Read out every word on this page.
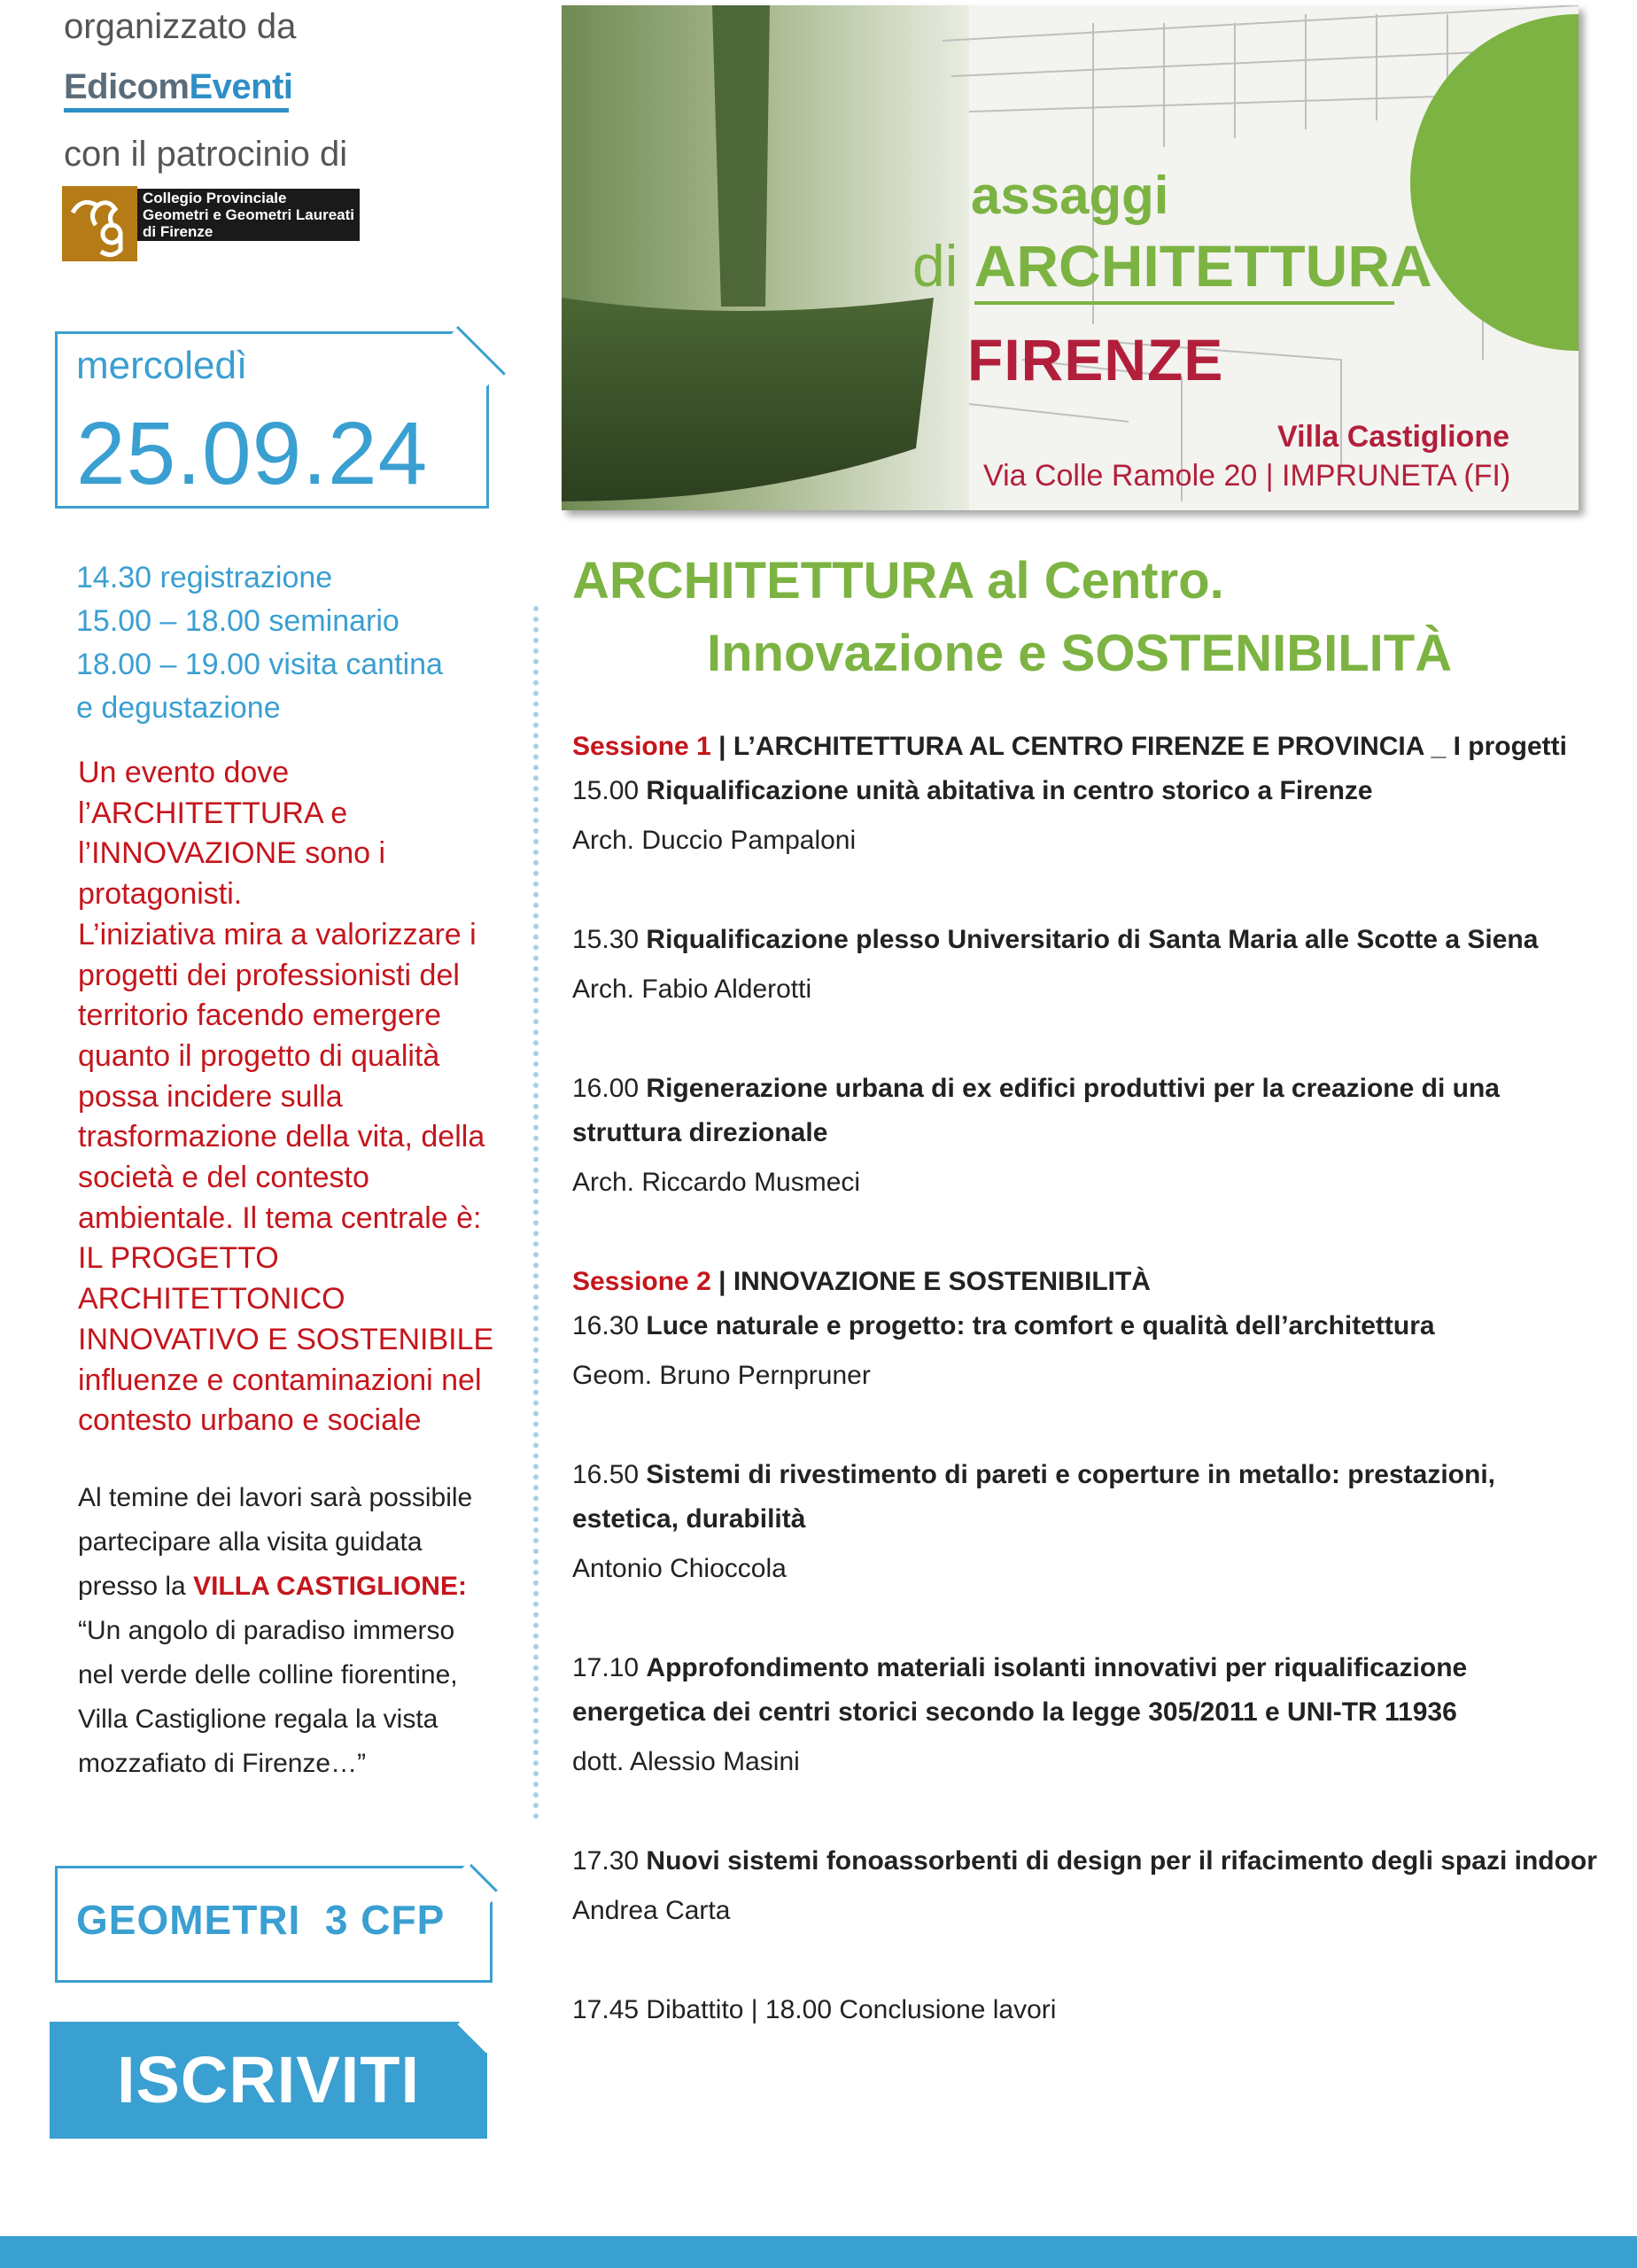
organizzato da
EdicomEventi
con il patrocinio di
Collegio Provinciale
Geometri e Geometri Laureati
di Firenze
mercoledì
25.09.24
14.30 registrazione
15.00 – 18.00 seminario
18.00 – 19.00 visita cantina
e degustazione
Un evento dove
l’ARCHITETTURA e
l’INNOVAZIONE sono i
protagonisti.
L’iniziativa mira a valorizzare i
progetti dei professionisti del
territorio facendo emergere
quanto il progetto di qualità
possa incidere sulla
trasformazione della vita, della
società e del contesto
ambientale. Il tema centrale è:
IL PROGETTO
ARCHITETTONICO
INNOVATIVO E SOSTENIBILE
influenze e contaminazioni nel
contesto urbano e sociale
Al temine dei lavori sarà possibile
partecipare alla visita guidata
presso la VILLA CASTIGLIONE:
“Un angolo di paradiso immerso
nel verde delle colline fiorentine,
Villa Castiglione regala la vista
mozzafiato di Firenze…”
GEOMETRI  3 CFP
ISCRIVITI
assaggi
di ARCHITETTURA
FIRENZE
Villa Castiglione
Via Colle Ramole 20 | IMPRUNETA (FI)
ARCHITETTURA al Centro.
Innovazione e SOSTENIBILITÀ
Sessione 1 | L’ARCHITETTURA AL CENTRO FIRENZE E PROVINCIA _ I progetti
15.00 Riqualificazione unità abitativa in centro storico a Firenze
Arch. Duccio Pampaloni
15.30 Riqualificazione plesso Universitario di Santa Maria alle Scotte a Siena
Arch. Fabio Alderotti
16.00 Rigenerazione urbana di ex edifici produttivi per la creazione di una
struttura direzionale
Arch. Riccardo Musmeci
Sessione 2 | INNOVAZIONE E SOSTENIBILITÀ
16.30 Luce naturale e progetto: tra comfort e qualità dell’architettura
Geom. Bruno Pernpruner
16.50 Sistemi di rivestimento di pareti e coperture in metallo: prestazioni,
estetica, durabilità
Antonio Chioccola
17.10 Approfondimento materiali isolanti innovativi per riqualificazione
energetica dei centri storici secondo la legge 305/2011 e UNI-TR 11936
dott. Alessio Masini
17.30 Nuovi sistemi fonoassorbenti di design per il rifacimento degli spazi indoor
Andrea Carta
17.45 Dibattito | 18.00 Conclusione lavori
